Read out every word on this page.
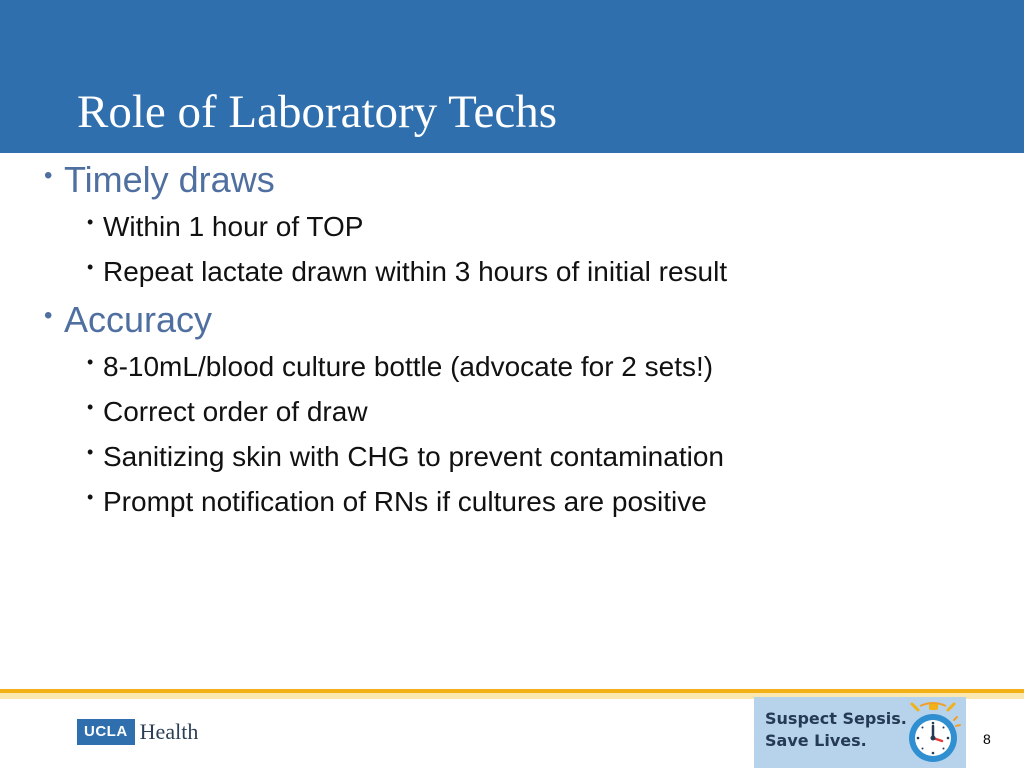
Role of Laboratory Techs
• Timely draws
• Within 1 hour of TOP
• Repeat lactate drawn within 3 hours of initial result
• Accuracy
• 8-10mL/blood culture bottle (advocate for 2 sets!)
• Correct order of draw
• Sanitizing skin with CHG to prevent contamination
• Prompt notification of RNs if cultures are positive
UCLA Health
Suspect Sepsis.
Save Lives.	8
